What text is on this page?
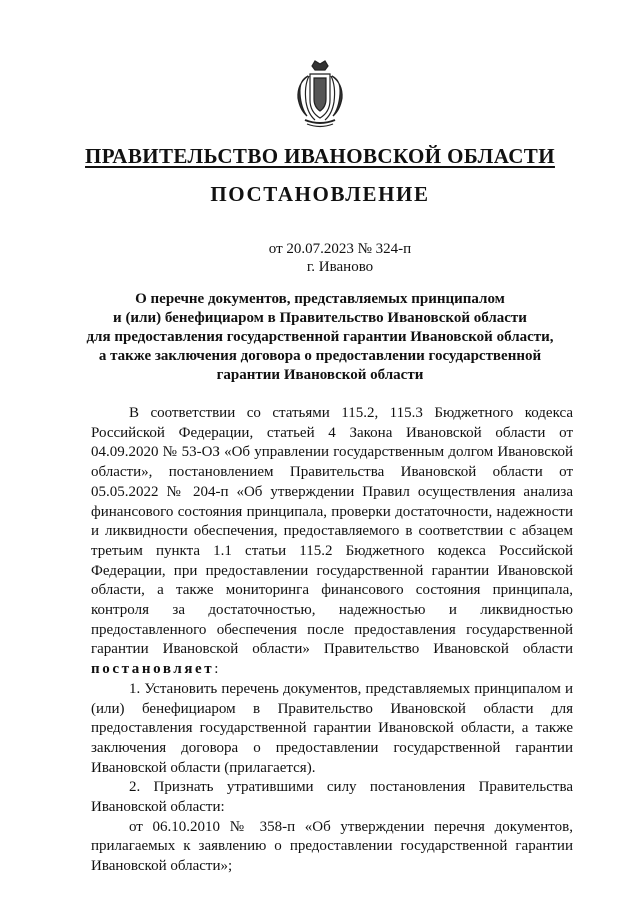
ПРАВИТЕЛЬСТВО ИВАНОВСКОЙ ОБЛАСТИ
ПОСТАНОВЛЕНИЕ
от 20.07.2023 № 324-п
г. Иваново
О перечне документов, представляемых принципалом
и (или) бенефициаром в Правительство Ивановской области
для предоставления государственной гарантии Ивановской области,
а также заключения договора о предоставлении государственной
гарантии Ивановской области

В соответствии со статьями 115.2, 115.3 Бюджетного кодекса Российской Федерации, статьей 4 Закона Ивановской области от 04.09.2020 № 53-ОЗ «Об управлении государственным долгом Ивановской области», постановлением Правительства Ивановской области от 05.05.2022 № 204-п «Об утверждении Правил осуществления анализа финансового состояния принципала, проверки достаточности, надежности и ликвидности обеспечения, предоставляемого в соответствии с абзацем третьим пункта 1.1 статьи 115.2 Бюджетного кодекса Российской Федерации, при предоставлении государственной гарантии Ивановской области, а также мониторинга финансового состояния принципала, контроля за достаточностью, надежностью и ликвидностью предоставленного обеспечения после предоставления государственной гарантии Ивановской области» Правительство Ивановской области постановляет:

1. Установить перечень документов, представляемых принципалом и (или) бенефициаром в Правительство Ивановской области для предоставления государственной гарантии Ивановской области, а также заключения договора о предоставлении государственной гарантии Ивановской области (прилагается).

2. Признать утратившими силу постановления Правительства Ивановской области:

от 06.10.2010 № 358-п «Об утверждении перечня документов, прилагаемых к заявлению о предоставлении государственной гарантии Ивановской области»;
